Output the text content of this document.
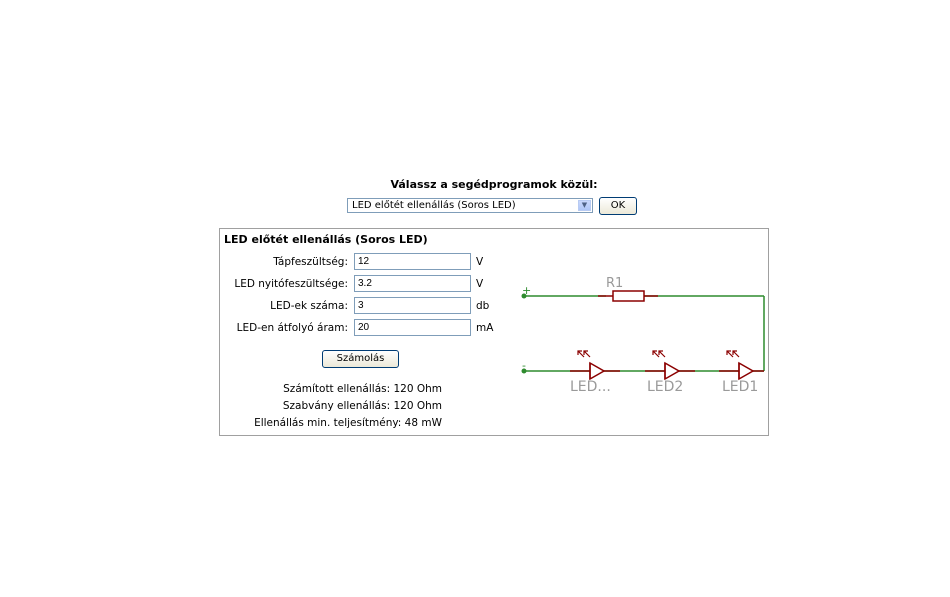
Válassz a segédprogramok közül:
LED előtét ellenállás (Soros LED)	▼	OK
LED előtét ellenállás (Soros LED)
Tápfeszültség:
12	V
LED nyitófeszültsége:
3.2	V
LED-ek száma:
3	db
LED-en átfolyó áram:
20	mA
Számolás
Számított ellenállás: 120 Ohm
Szabvány ellenállás: 120 Ohm
Ellenállás min. teljesítmény: 48 mW
+
-
R1
LED...	LED2	LED1
